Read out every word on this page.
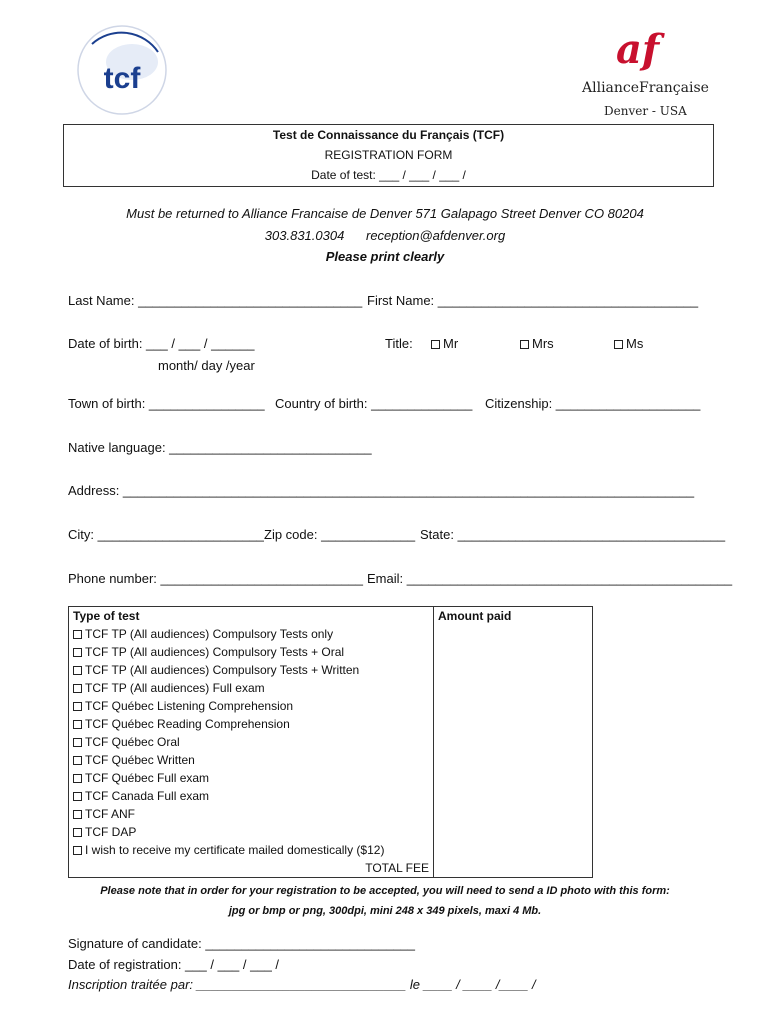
tcf
af
AllianceFrançaise
Denver - USA
Test de Connaissance du Français (TCF)
REGISTRATION FORM
Date of test: ___ / ___ / ___ /
Must be returned to Alliance Francaise de Denver 571 Galapago Street Denver CO 80204
303.831.0304 reception@afdenver.org
Please print clearly
Last Name: _______________________________ First Name: ____________________________________
Date of birth: ___ / ___ / ______
month/ day /year
Title:	Mr	Mrs	Ms
Town of birth: ________________ Country of birth: ______________ Citizenship: ____________________
Native language: ____________________________
Address: _______________________________________________________________________________
City: _______________________ Zip code: _____________ State: _____________________________________
Phone number: ____________________________ Email: _____________________________________________
Type of test	Amount paid
TCF TP (All audiences) Compulsory Tests only	
TCF TP (All audiences) Compulsory Tests + Oral	
TCF TP (All audiences) Compulsory Tests + Written	
TCF TP (All audiences) Full exam	
TCF Québec Listening Comprehension	
TCF Québec Reading Comprehension	
TCF Québec Oral	
TCF Québec Written	
TCF Québec Full exam	
TCF Canada Full exam	
TCF ANF	
TCF DAP	
I wish to receive my certificate mailed domestically ($12)	
TOTAL FEE	
Please note that in order for your registration to be accepted, you will need to send a ID photo with this form:
jpg or bmp or png, 300dpi, mini 248 x 349 pixels, maxi 4 Mb.
Signature of candidate: _____________________________
Date of registration: ___ / ___ / ___ /
Inscription traitée par: _____________________________ le ____ / ____ /____ /
